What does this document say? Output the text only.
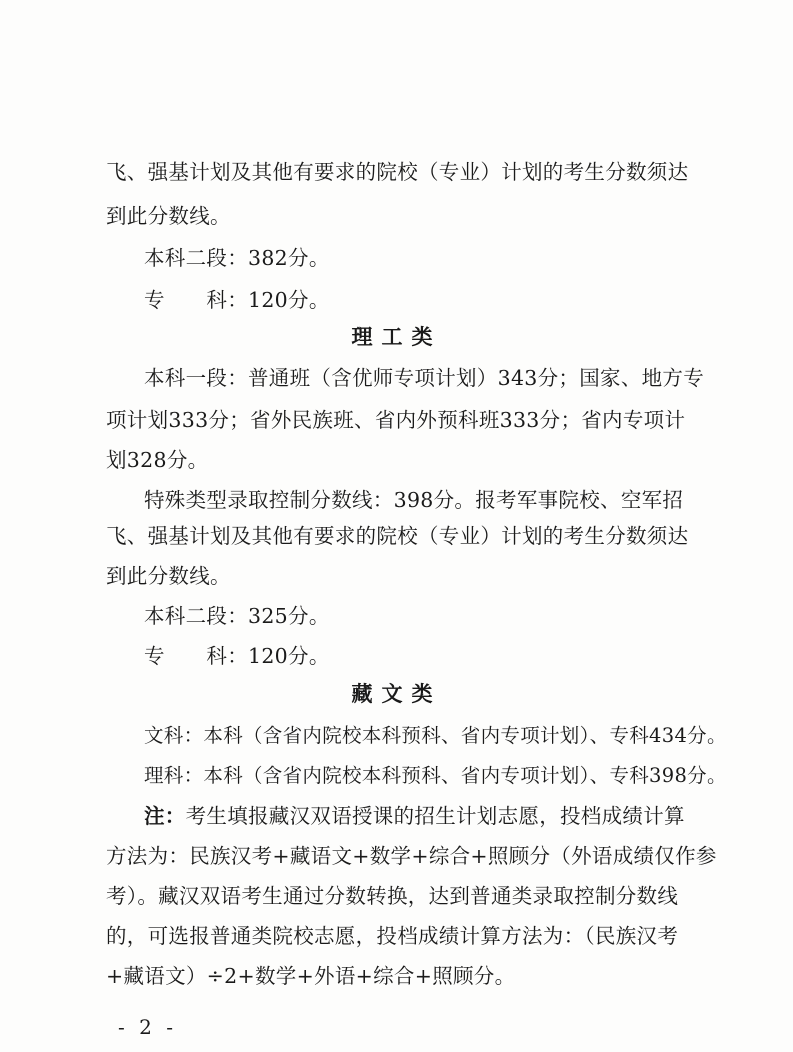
飞、强基计划及其他有要求的院校（专业）计划的考生分数须达
到此分数线。
本科二段：382分。
专　　科：120分。
理工类
本科一段：普通班（含优师专项计划）343分；国家、地方专
项计划333分；省外民族班、省内外预科班333分；省内专项计
划328分。
特殊类型录取控制分数线：398分。报考军事院校、空军招
飞、强基计划及其他有要求的院校（专业）计划的考生分数须达
到此分数线。
本科二段：325分。
专　　科：120分。
藏文类
文科：本科（含省内院校本科预科、省内专项计划）、专科434分。
理科：本科（含省内院校本科预科、省内专项计划）、专科398分。
注：考生填报藏汉双语授课的招生计划志愿，投档成绩计算
方法为：民族汉考+藏语文+数学+综合+照顾分（外语成绩仅作参
考）。藏汉双语考生通过分数转换，达到普通类录取控制分数线
的，可选报普通类院校志愿，投档成绩计算方法为：（民族汉考
+藏语文）÷2+数学+外语+综合+照顾分。
- 2 -
